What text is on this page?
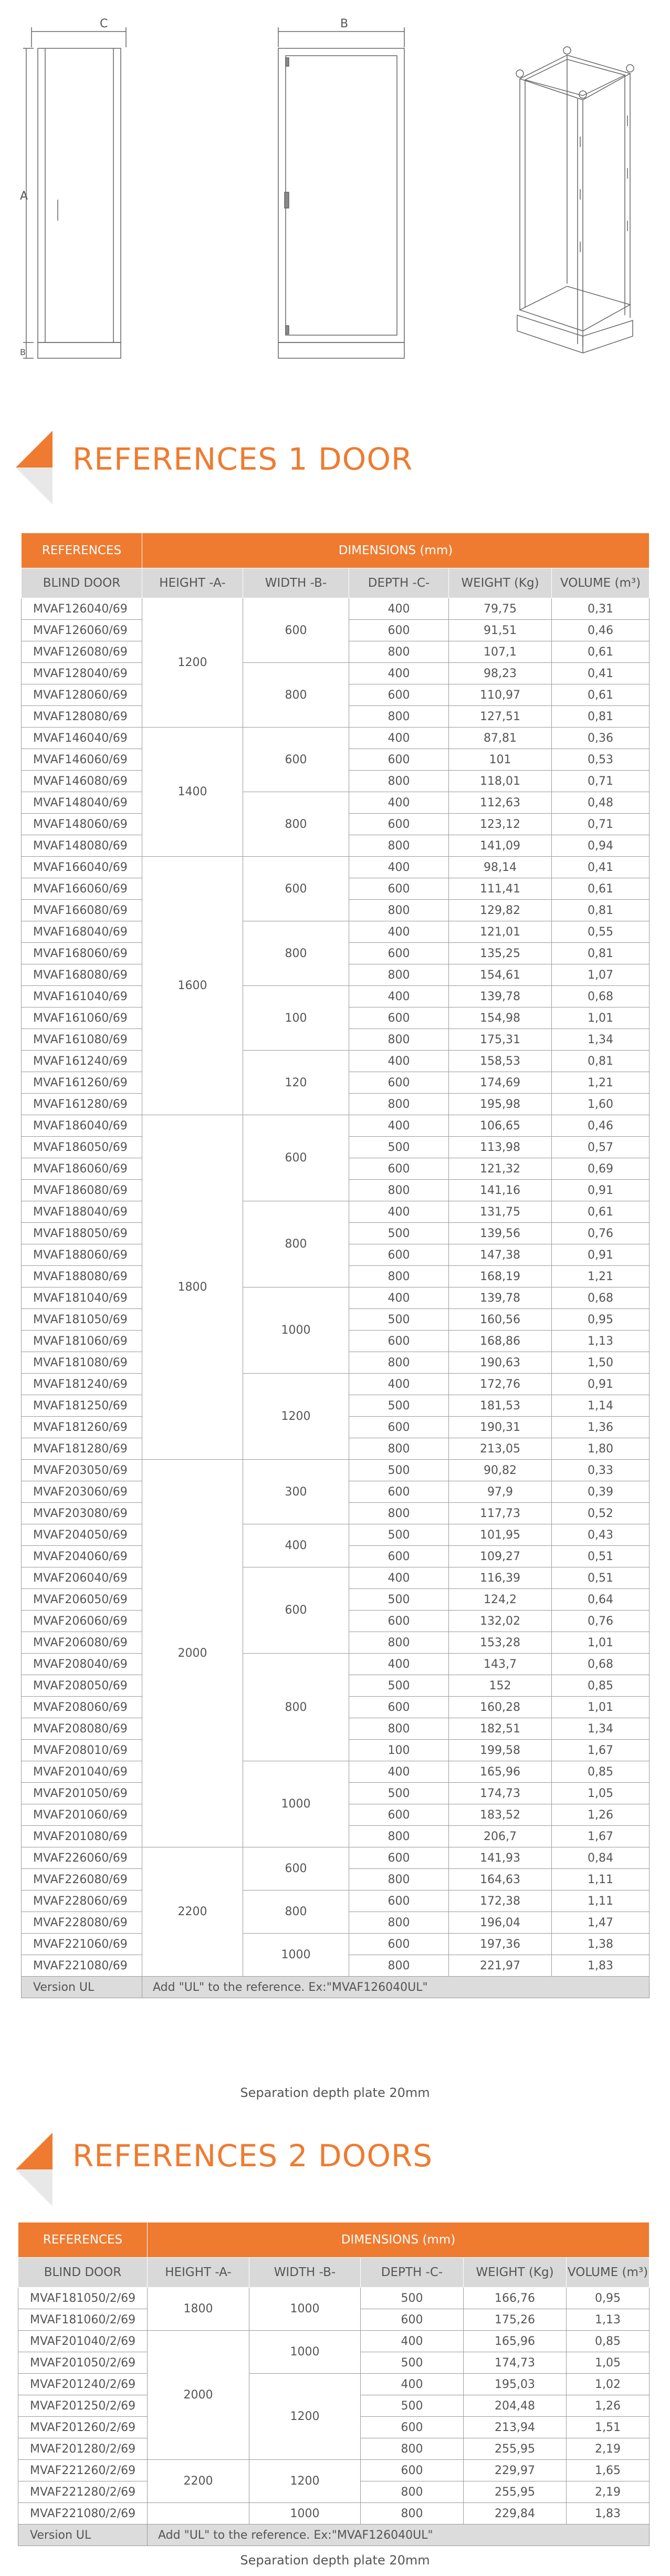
C
A
B
B
REFERENCES 1 DOOR
REFERENCES	DIMENSIONS (mm)				
BLIND DOOR	HEIGHT -A-	WIDTH -B-	DEPTH -C-	WEIGHT (Kg)	VOLUME (m³)
MVAF126040/69	1200	600	400	79,75	0,31
MVAF126060/69			600	91,51	0,46
MVAF126080/69			800	107,1	0,61
MVAF128040/69		800	400	98,23	0,41
MVAF128060/69			600	110,97	0,61
MVAF128080/69			800	127,51	0,81
MVAF146040/69	1400	600	400	87,81	0,36
MVAF146060/69			600	101	0,53
MVAF146080/69			800	118,01	0,71
MVAF148040/69		800	400	112,63	0,48
MVAF148060/69			600	123,12	0,71
MVAF148080/69			800	141,09	0,94
MVAF166040/69	1600	600	400	98,14	0,41
MVAF166060/69			600	111,41	0,61
MVAF166080/69			800	129,82	0,81
MVAF168040/69		800	400	121,01	0,55
MVAF168060/69			600	135,25	0,81
MVAF168080/69			800	154,61	1,07
MVAF161040/69		100	400	139,78	0,68
MVAF161060/69			600	154,98	1,01
MVAF161080/69			800	175,31	1,34
MVAF161240/69		120	400	158,53	0,81
MVAF161260/69			600	174,69	1,21
MVAF161280/69			800	195,98	1,60
MVAF186040/69	1800	600	400	106,65	0,46
MVAF186050/69			500	113,98	0,57
MVAF186060/69			600	121,32	0,69
MVAF186080/69			800	141,16	0,91
MVAF188040/69		800	400	131,75	0,61
MVAF188050/69			500	139,56	0,76
MVAF188060/69			600	147,38	0,91
MVAF188080/69			800	168,19	1,21
MVAF181040/69		1000	400	139,78	0,68
MVAF181050/69			500	160,56	0,95
MVAF181060/69			600	168,86	1,13
MVAF181080/69			800	190,63	1,50
MVAF181240/69		1200	400	172,76	0,91
MVAF181250/69			500	181,53	1,14
MVAF181260/69			600	190,31	1,36
MVAF181280/69			800	213,05	1,80
MVAF203050/69	2000	300	500	90,82	0,33
MVAF203060/69			600	97,9	0,39
MVAF203080/69			800	117,73	0,52
MVAF204050/69		400	500	101,95	0,43
MVAF204060/69			600	109,27	0,51
MVAF206040/69		600	400	116,39	0,51
MVAF206050/69			500	124,2	0,64
MVAF206060/69			600	132,02	0,76
MVAF206080/69			800	153,28	1,01
MVAF208040/69		800	400	143,7	0,68
MVAF208050/69			500	152	0,85
MVAF208060/69			600	160,28	1,01
MVAF208080/69			800	182,51	1,34
MVAF208010/69			100	199,58	1,67
MVAF201040/69		1000	400	165,96	0,85
MVAF201050/69			500	174,73	1,05
MVAF201060/69			600	183,52	1,26
MVAF201080/69			800	206,7	1,67
MVAF226060/69	2200	600	600	141,93	0,84
MVAF226080/69			800	164,63	1,11
MVAF228060/69		800	600	172,38	1,11
MVAF228080/69			800	196,04	1,47
MVAF221060/69		1000	600	197,36	1,38
MVAF221080/69			800	221,97	1,83
Version UL	Add "UL" to the reference. Ex:"MVAF126040UL"				
Separation depth plate 20mm
REFERENCES 2 DOORS
REFERENCES	DIMENSIONS (mm)				
BLIND DOOR	HEIGHT -A-	WIDTH -B-	DEPTH -C-	WEIGHT (Kg)	VOLUME (m³)
MVAF181050/2/69	1800	1000	500	166,76	0,95
MVAF181060/2/69			600	175,26	1,13
MVAF201040/2/69	2000	1000	400	165,96	0,85
MVAF201050/2/69			500	174,73	1,05
MVAF201240/2/69		1200	400	195,03	1,02
MVAF201250/2/69			500	204,48	1,26
MVAF201260/2/69			600	213,94	1,51
MVAF201280/2/69			800	255,95	2,19
MVAF221260/2/69	2200	1200	600	229,97	1,65
MVAF221280/2/69			800	255,95	2,19
MVAF221080/2/69		1000	800	229,84	1,83
Version UL	Add "UL" to the reference. Ex:"MVAF126040UL"				
Separation depth plate 20mm
